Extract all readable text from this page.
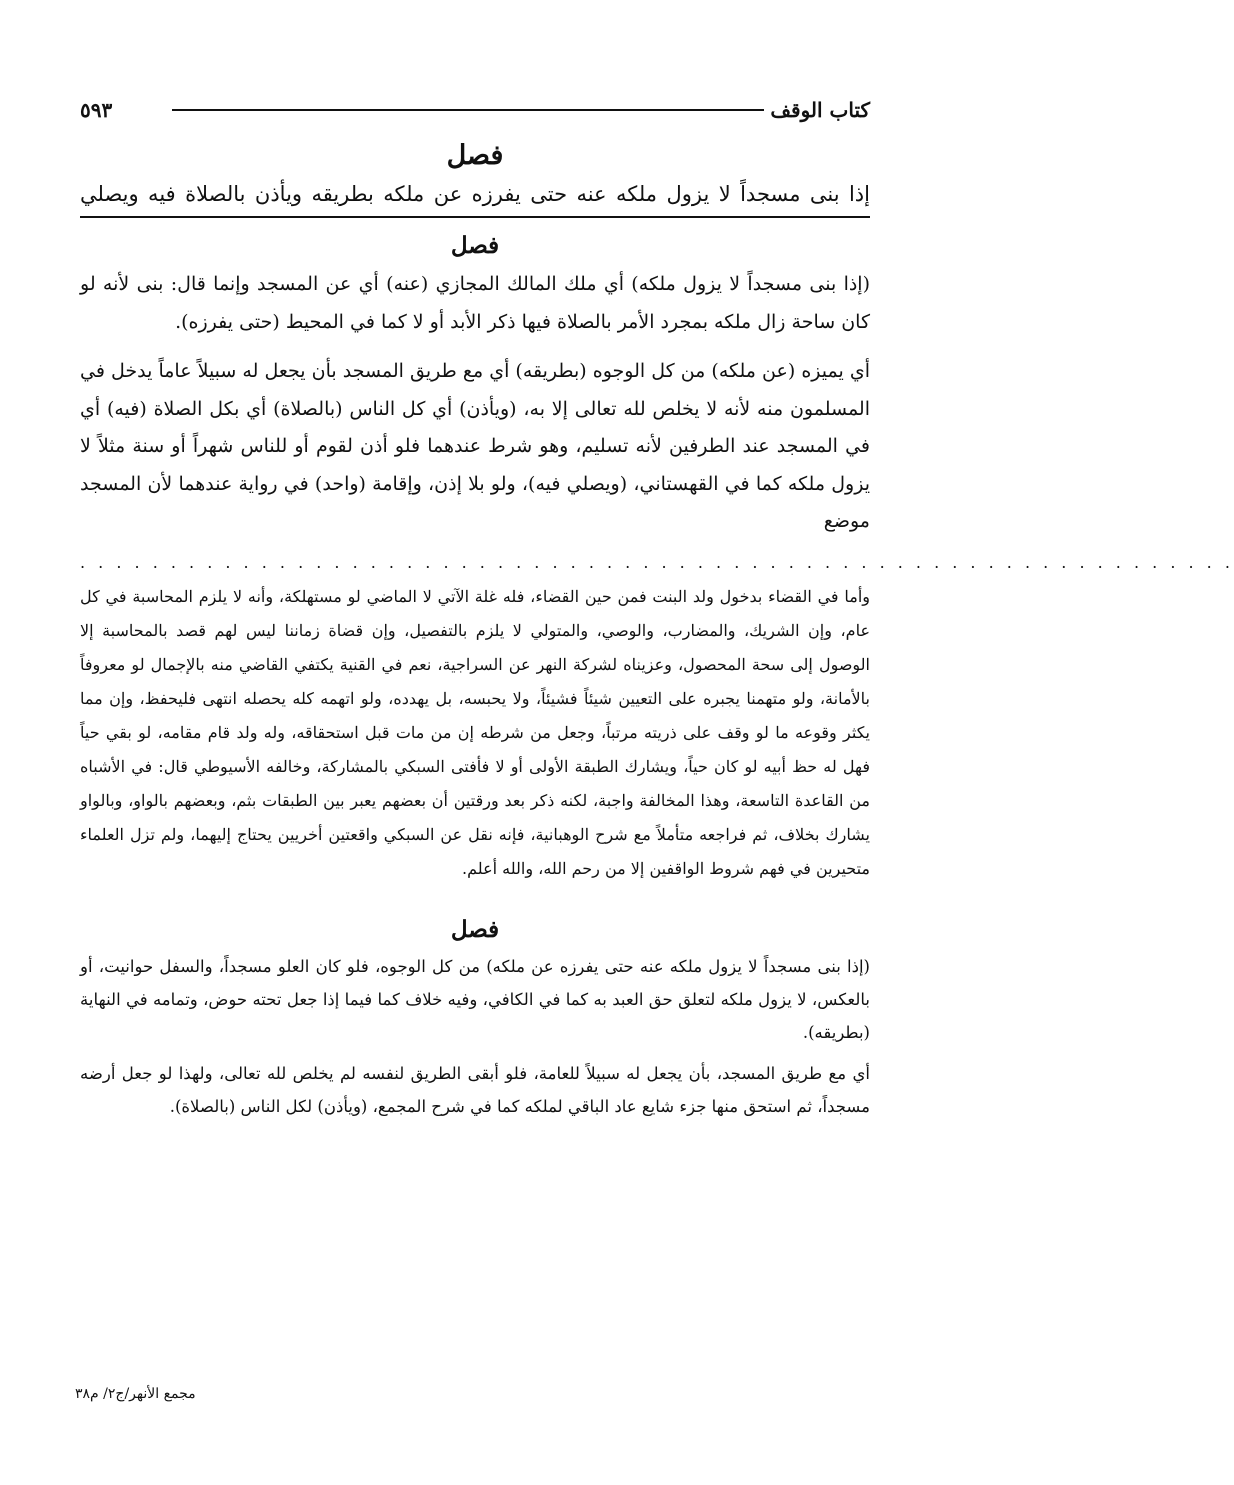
كتاب الوقف
٥٩٣
فصل
إذا بنى مسجداً لا يزول ملكه عنه حتى يفرزه عن ملكه بطريقه ويأذن بالصلاة فيه ويصلي
فصل

(إذا بنى مسجداً لا يزول ملكه) أي ملك المالك المجازي (عنه) أي عن المسجد وإنما قال: بنى لأنه لو كان ساحة زال ملكه بمجرد الأمر بالصلاة فيها ذكر الأبد أو لا كما في المحيط (حتى يفرزه).

أي يميزه (عن ملكه) من كل الوجوه (بطريقه) أي مع طريق المسجد بأن يجعل له سبيلاً عاماً يدخل في المسلمون منه لأنه لا يخلص لله تعالى إلا به، (ويأذن) أي كل الناس (بالصلاة) أي بكل الصلاة (فيه) أي في المسجد عند الطرفين لأنه تسليم، وهو شرط عندهما فلو أذن لقوم أو للناس شهراً أو سنة مثلاً لا يزول ملكه كما في القهستاني، (ويصلي فيه)، ولو بلا إذن، وإقامة (واحد) في رواية عندهما لأن المسجد موضع

. . . . . . . . . . . . . . . . . . . . . . . . . . . . . . . . . . . . . . . . . . . . . . . . . . . . . . . . . . . . . . . .

وأما في القضاء بدخول ولد البنت فمن حين القضاء، فله غلة الآتي لا الماضي لو مستهلكة، وأنه لا يلزم المحاسبة في كل عام، وإن الشريك، والمضارب، والوصي، والمتولي لا يلزم بالتفصيل، وإن قضاة زماننا ليس لهم قصد بالمحاسبة إلا الوصول إلى سحة المحصول، وعزيناه لشركة النهر عن السراجية، نعم في القنية يكتفي القاضي منه بالإجمال لو معروفاً بالأمانة، ولو متهمنا يجبره على التعيين شيئاً فشيئاً، ولا يحبسه، بل يهدده، ولو اتهمه كله يحصله انتهى فليحفظ، وإن مما يكثر وقوعه ما لو وقف على ذريته مرتباً، وجعل من شرطه إن من مات قبل استحقاقه، وله ولد قام مقامه، لو بقي حياً فهل له حظ أبيه لو كان حياً، ويشارك الطبقة الأولى أو لا فأفتى السبكي بالمشاركة، وخالفه الأسيوطي قال: في الأشباه من القاعدة التاسعة، وهذا المخالفة واجبة، لكنه ذكر بعد ورقتين أن بعضهم يعبر بين الطبقات بثم، وبعضهم بالواو، وبالواو يشارك بخلاف، ثم فراجعه متأملاً مع شرح الوهبانية، فإنه نقل عن السبكي واقعتين أخريين يحتاج إليهما، ولم تزل العلماء متحيرين في فهم شروط الواقفين إلا من رحم الله، والله أعلم.

فصل

(إذا بنى مسجداً لا يزول ملكه عنه حتى يفرزه عن ملكه) من كل الوجوه، فلو كان العلو مسجداً، والسفل حوانيت، أو بالعكس، لا يزول ملكه لتعلق حق العبد به كما في الكافي، وفيه خلاف كما فيما إذا جعل تحته حوض، وتمامه في النهاية (بطريقه).

أي مع طريق المسجد، بأن يجعل له سبيلاً للعامة، فلو أبقى الطريق لنفسه لم يخلص لله تعالى، ولهذا لو جعل أرضه مسجداً، ثم استحق منها جزء شايع عاد الباقي لملكه كما في شرح المجمع، (ويأذن) لكل الناس (بالصلاة).

مجمع الأنهر/ج٢/ م٣٨
